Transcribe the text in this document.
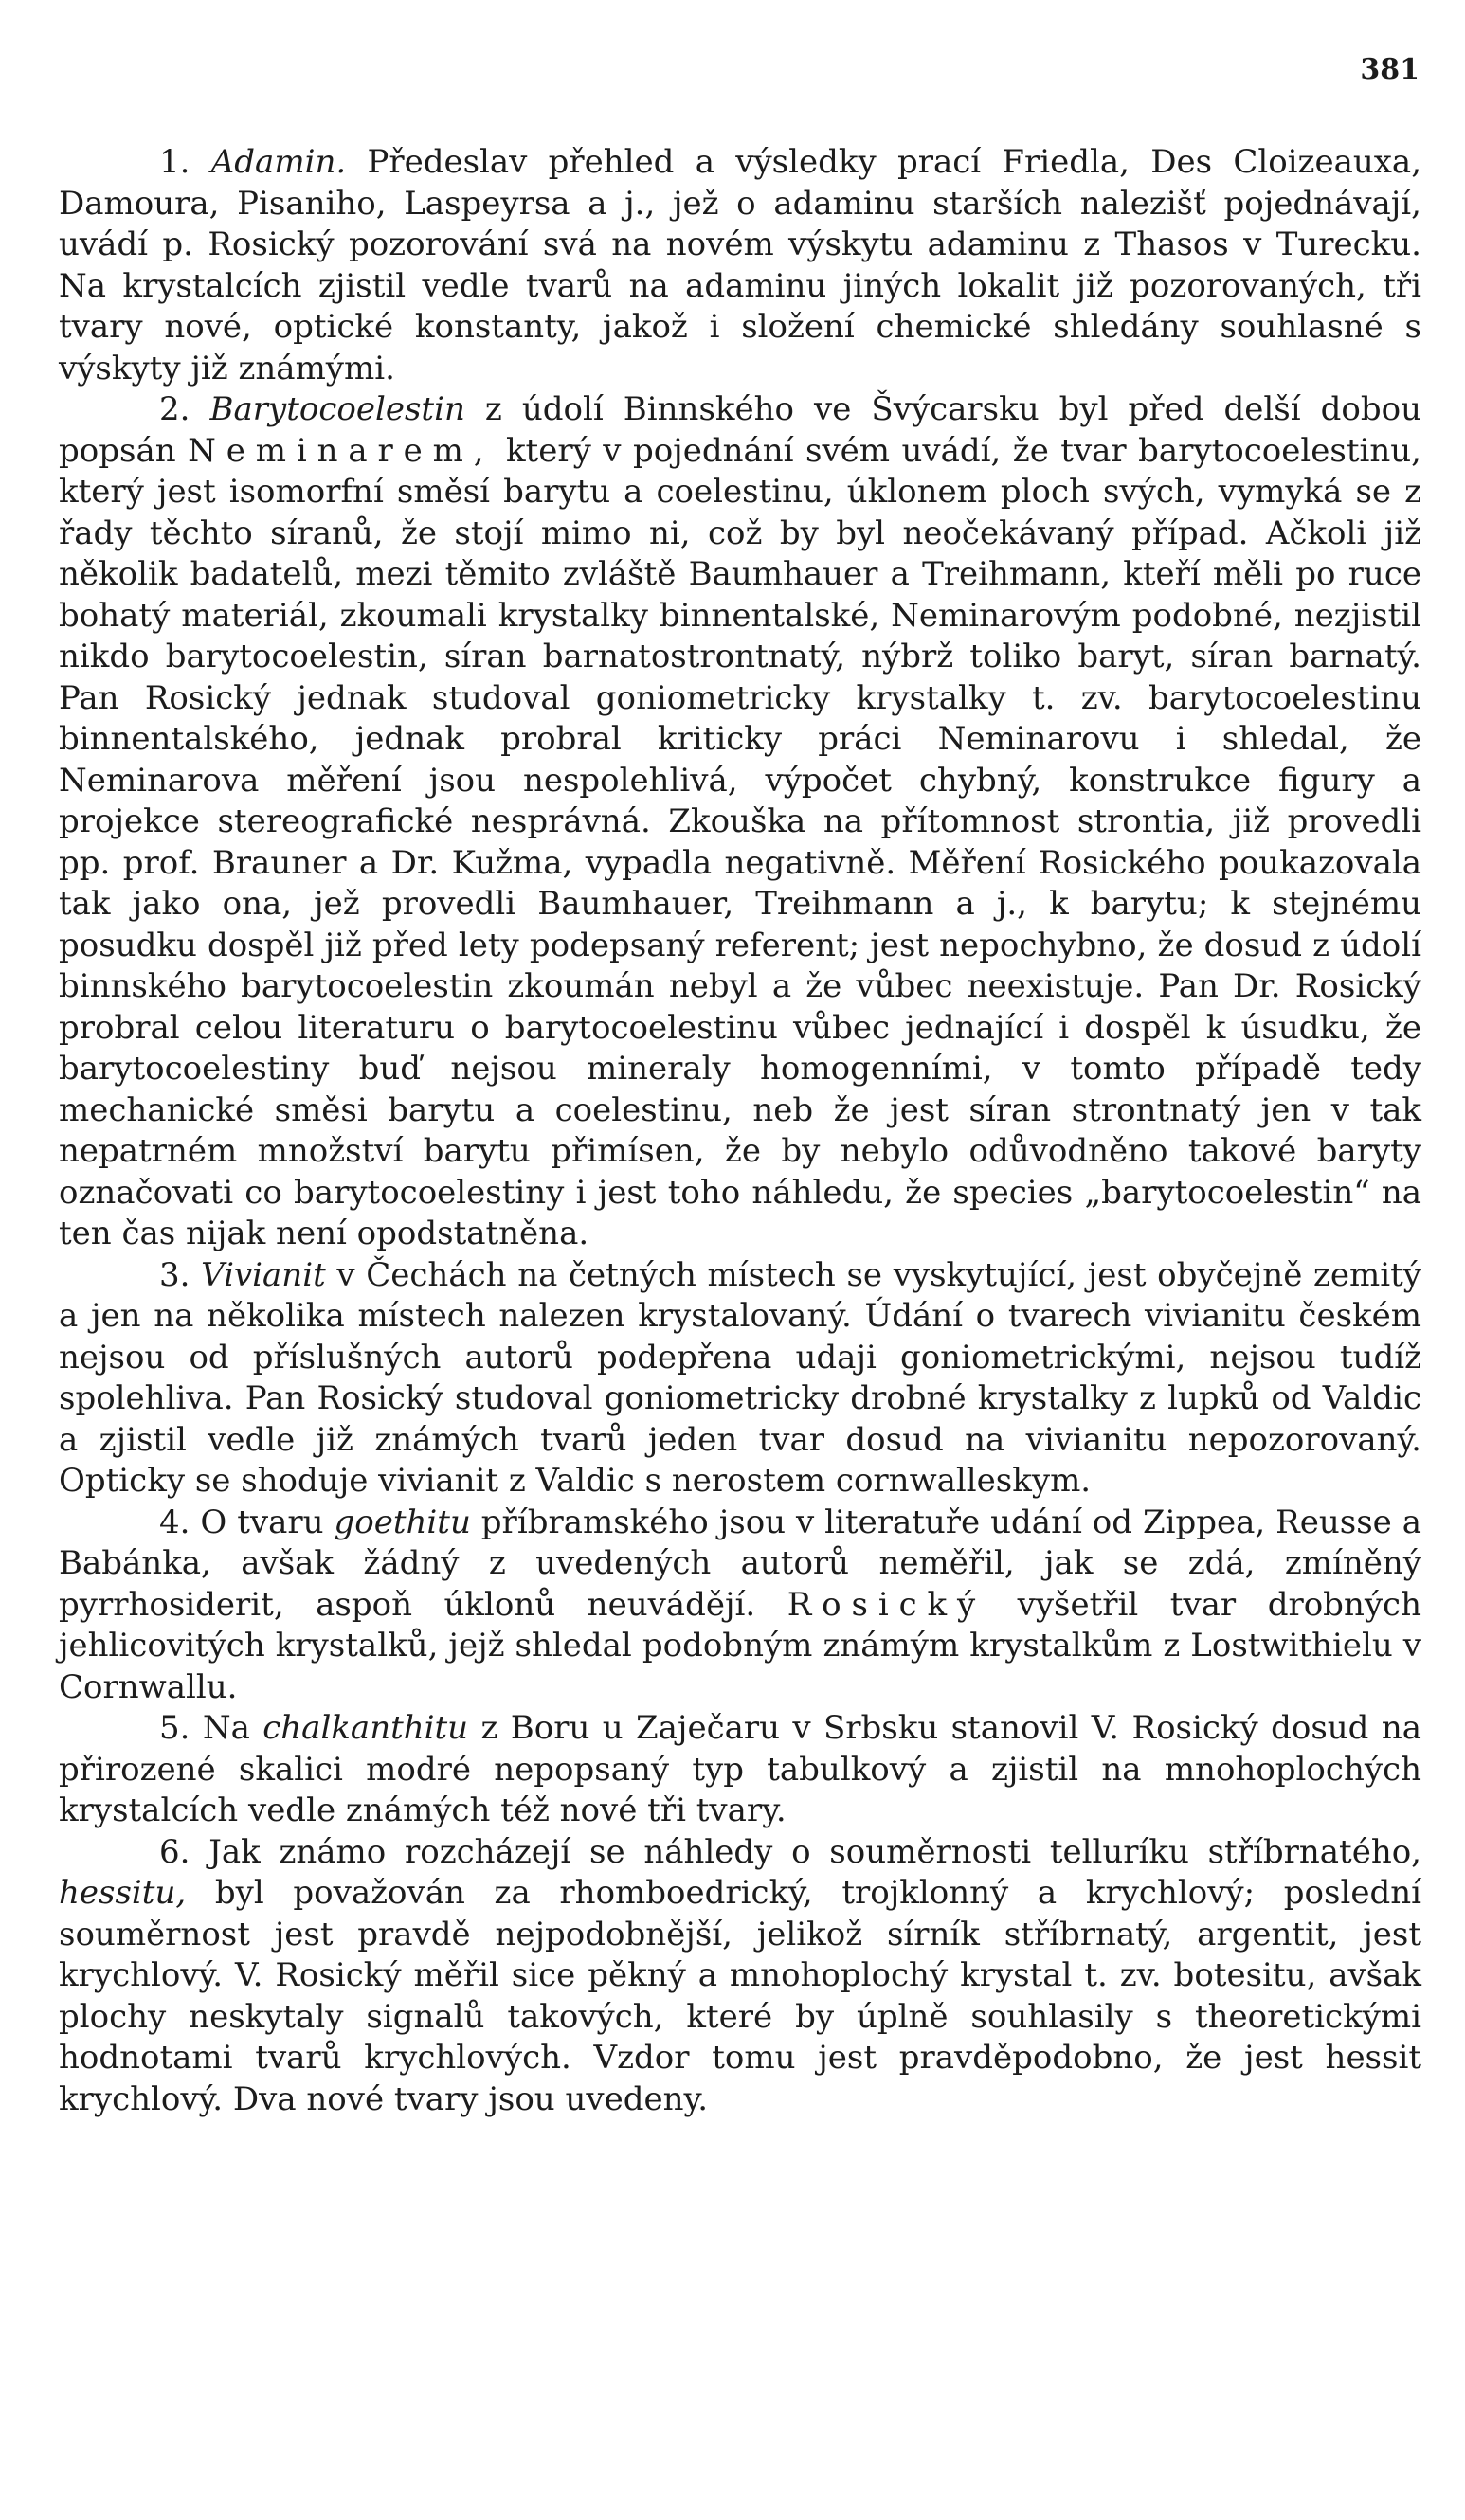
381

1. Adamin. Předeslav přehled a výsledky prací Friedla, Des Cloizeauxa, Damoura, Pisaniho, Laspeyrsa a j., jež o adaminu starších nalezišť pojednávají, uvádí p. Rosický pozorování svá na novém výskytu adaminu z Thasos v Turecku. Na krystalcích zjistil vedle tvarů na adaminu jiných lokalit již pozorovaných, tři tvary nové, optické konstanty, jakož i složení chemické shledány souhlasné s výskyty již známými.

2. Barytocoelestin z údolí Binnského ve Švýcarsku byl před delší dobou popsán Neminarem, který v pojednání svém uvádí, že tvar barytocoelestinu, který jest isomorfní směsí barytu a coelestinu, úklonem ploch svých, vymyká se z řady těchto síranů, že stojí mimo ni, což by byl neočekávaný případ. Ačkoli již několik badatelů, mezi těmito zvláště Baumhauer a Treihmann, kteří měli po ruce bohatý materiál, zkoumali krystalky binnentalské, Neminarovým podobné, nezjistil nikdo barytocoelestin, síran barnatostrontnatý, nýbrž toliko baryt, síran barnatý. Pan Rosický jednak studoval goniometricky krystalky t. zv. barytocoelestinu binnentalského, jednak probral kriticky práci Neminarovu i shledal, že Neminarova měření jsou nespolehlivá, výpočet chybný, konstrukce figury a projekce stereografické nesprávná. Zkouška na přítomnost strontia, již provedli pp. prof. Brauner a Dr. Kužma, vypadla negativně. Měření Rosického poukazovala tak jako ona, jež provedli Baumhauer, Treihmann a j., k barytu; k stejnému posudku dospěl již před lety podepsaný referent; jest nepochybno, že dosud z údolí binnského barytocoelestin zkoumán nebyl a že vůbec neexistuje. Pan Dr. Rosický probral celou literaturu o barytocoelestinu vůbec jednající i dospěl k úsudku, že barytocoelestiny buď nejsou mineraly homogenními, v tomto případě tedy mechanické směsi barytu a coelestinu, neb že jest síran strontnatý jen v tak nepatrném množství barytu přimísen, že by nebylo odůvodněno takové baryty označovati co barytocoelestiny i jest toho náhledu, že species „barytocoelestin“ na ten čas nijak není opodstatněna.

3. Vivianit v Čechách na četných místech se vyskytující, jest obyčejně zemitý a jen na několika místech nalezen krystalovaný. Údání o tvarech vivianitu českém nejsou od příslušných autorů podepřena udaji goniometrickými, nejsou tudíž spolehliva. Pan Rosický studoval goniometricky drobné krystalky z lupků od Valdic a zjistil vedle již známých tvarů jeden tvar dosud na vivianitu nepozorovaný. Opticky se shoduje vivianit z Valdic s nerostem cornwalleskym.

4. O tvaru goethitu příbramského jsou v literatuře udání od Zippea, Reusse a Babánka, avšak žádný z uvedených autorů neměřil, jak se zdá, zmíněný pyrrhosiderit, aspoň úklonů neuvádějí. Rosický vyšetřil tvar drobných jehlicovitých krystalků, jejž shledal podobným známým krystalkům z Lostwithielu v Cornwallu.

5. Na chalkanthitu z Boru u Zaječaru v Srbsku stanovil V. Rosický dosud na přirozené skalici modré nepopsaný typ tabulkový a zjistil na mnohoplochých krystalcích vedle známých též nové tři tvary.

6. Jak známo rozcházejí se náhledy o souměrnosti telluríku stříbrnatého, hessitu, byl považován za rhomboedrický, trojklonný a krychlový; poslední souměrnost jest pravdě nejpodobnější, jelikož sírník stříbrnatý, argentit, jest krychlový. V. Rosický měřil sice pěkný a mnohoplochý krystal t. zv. botesitu, avšak plochy neskytaly signalů takových, které by úplně souhlasily s theoretickými hodnotami tvarů krychlových. Vzdor tomu jest pravděpodobno, že jest hessit krychlový. Dva nové tvary jsou uvedeny.
